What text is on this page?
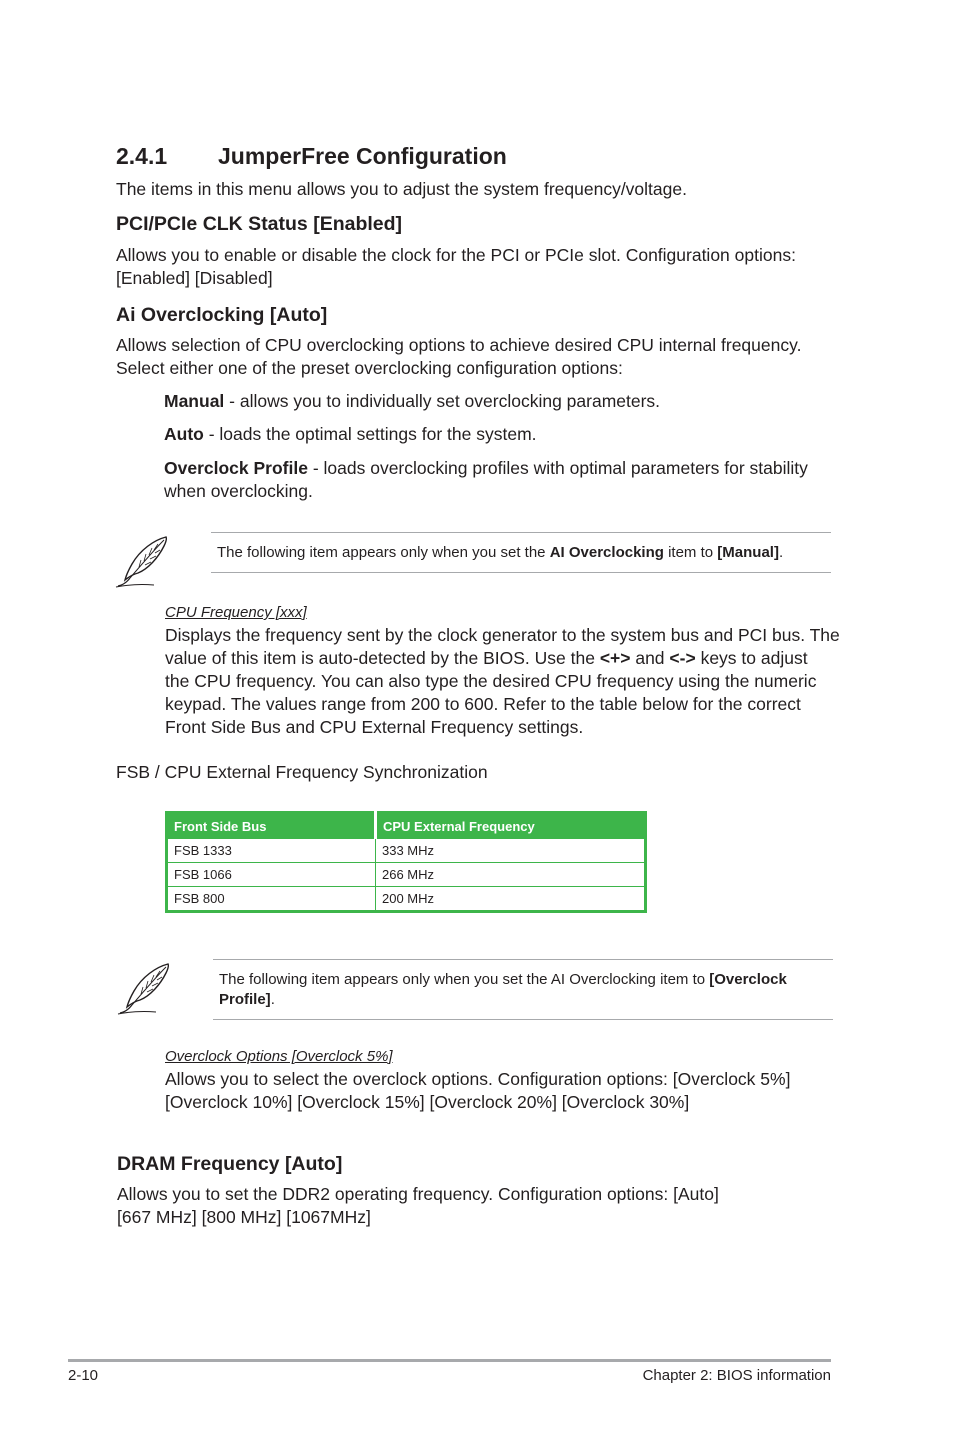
2.4.1 JumperFree Configuration
The items in this menu allows you to adjust the system frequency/voltage.
PCI/PCIe CLK Status [Enabled]
Allows you to enable or disable the clock for the PCI or PCIe slot. Configuration options:
[Enabled] [Disabled]
Ai Overclocking [Auto]
Allows selection of CPU overclocking options to achieve desired CPU internal frequency.
Select either one of the preset overclocking configuration options:
Manual - allows you to individually set overclocking parameters.
Auto - loads the optimal settings for the system.
Overclock Profile - loads overclocking profiles with optimal parameters for stability
when overclocking.
The following item appears only when you set the AI Overclocking item to [Manual].
CPU Frequency [xxx]
Displays the frequency sent by the clock generator to the system bus and PCI bus. The
value of this item is auto-detected by the BIOS. Use the <+> and <-> keys to adjust
the CPU frequency. You can also type the desired CPU frequency using the numeric
keypad. The values range from 200 to 600. Refer to the table below for the correct
Front Side Bus and CPU External Frequency settings.
FSB / CPU External Frequency Synchronization
Front Side Bus	CPU External Frequency
FSB 1333	333 MHz
FSB 1066	266 MHz
FSB 800	200 MHz
The following item appears only when you set the AI Overclocking item to [Overclock
Profile].
Overclock Options [Overclock 5%]
Allows you to select the overclock options. Configuration options: [Overclock 5%]
[Overclock 10%] [Overclock 15%] [Overclock 20%] [Overclock 30%]
DRAM Frequency [Auto]
Allows you to set the DDR2 operating frequency. Configuration options: [Auto]
[667 MHz] [800 MHz] [1067MHz]
2-10	Chapter 2: BIOS information
